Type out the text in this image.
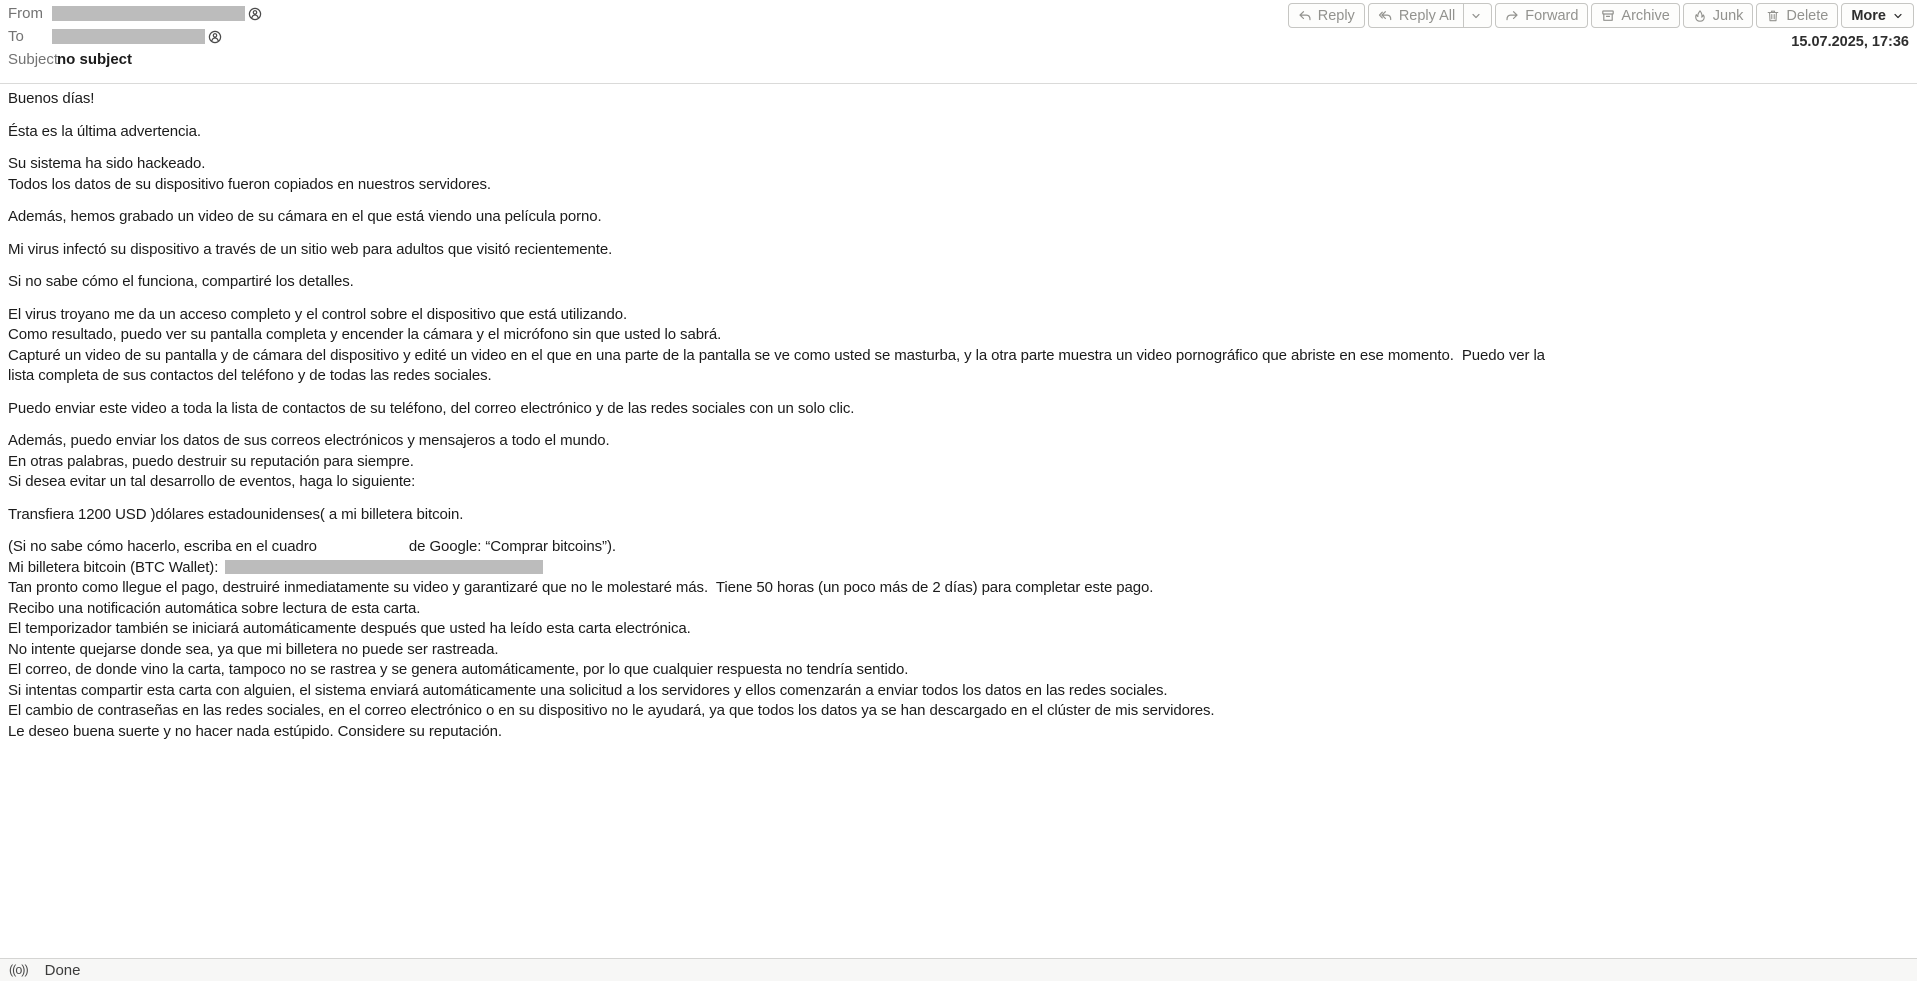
From
To
Subject
no subject
Reply	Reply All	Forward	Archive	Junk	Delete More
15.07.2025, 17:36
Buenos días!
Ésta es la última advertencia.
Su sistema ha sido hackeado.
Todos los datos de su dispositivo fueron copiados en nuestros servidores.
Además, hemos grabado un video de su cámara en el que está viendo una película porno.
Mi virus infectó su dispositivo a través de un sitio web para adultos que visitó recientemente.
Si no sabe cómo el funciona, compartiré los detalles.
El virus troyano me da un acceso completo y el control sobre el dispositivo que está utilizando.
Como resultado, puedo ver su pantalla completa y encender la cámara y el micrófono sin que usted lo sabrá.
Capturé un video de su pantalla y de cámara del dispositivo y edité un video en el que en una parte de la pantalla se ve como usted se masturba, y la otra parte muestra un video pornográfico que abriste en ese momento.  Puedo ver la
lista completa de sus contactos del teléfono y de todas las redes sociales.
Puedo enviar este video a toda la lista de contactos de su teléfono, del correo electrónico y de las redes sociales con un solo clic.
Además, puedo enviar los datos de sus correos electrónicos y mensajeros a todo el mundo.
En otras palabras, puedo destruir su reputación para siempre.
Si desea evitar un tal desarrollo de eventos, haga lo siguiente:
Transfiera 1200 USD )dólares estadounidenses( a mi billetera bitcoin.
(Si no sabe cómo hacerlo, escriba en el cuadro	de Google: “Comprar bitcoins”).
Mi billetera bitcoin (BTC Wallet):
Tan pronto como llegue el pago, destruiré inmediatamente su video y garantizaré que no le molestaré más.  Tiene 50 horas (un poco más de 2 días) para completar este pago.
Recibo una notificación automática sobre lectura de esta carta.
El temporizador también se iniciará automáticamente después que usted ha leído esta carta electrónica.
No intente quejarse donde sea, ya que mi billetera no puede ser rastreada.
El correo, de donde vino la carta, tampoco no se rastrea y se genera automáticamente, por lo que cualquier respuesta no tendría sentido.
Si intentas compartir esta carta con alguien, el sistema enviará automáticamente una solicitud a los servidores y ellos comenzarán a enviar todos los datos en las redes sociales.
El cambio de contraseñas en las redes sociales, en el correo electrónico o en su dispositivo no le ayudará, ya que todos los datos ya se han descargado en el clúster de mis servidores.
Le deseo buena suerte y no hacer nada estúpido. Considere su reputación.
((o)) Done
